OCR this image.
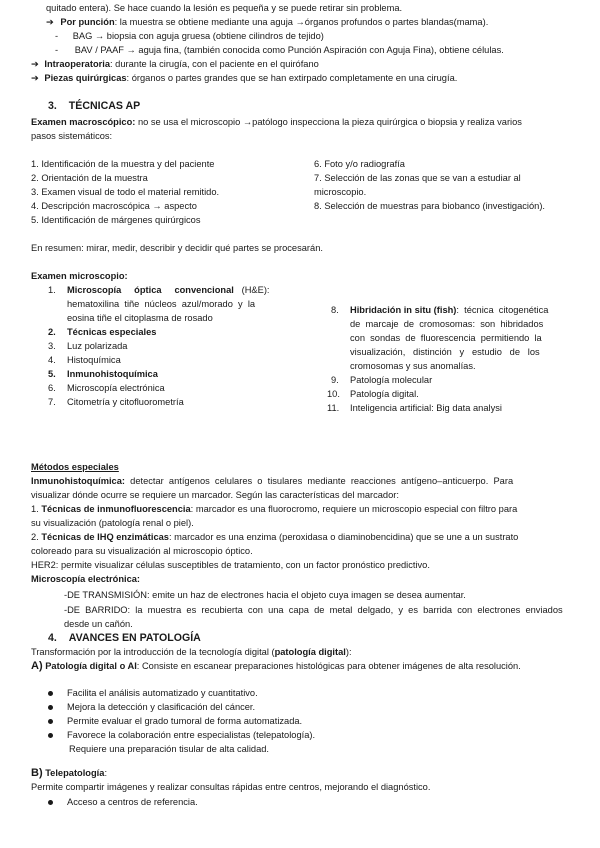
quitado entera). Se hace cuando la lesión es pequeña y se puede retirar sin problema.
➔ Por punción: la muestra se obtiene mediante una aguja →órganos profundos o partes blandas(mama).
- BAG → biopsia con aguja gruesa (obtiene cilindros de tejido)
- BAV / PAAF → aguja fina, (también conocida como Punción Aspiración con Aguja Fina), obtiene células.
➔ Intraoperatoria: durante la cirugía, con el paciente en el quirófano
➔ Piezas quirúrgicas: órganos o partes grandes que se han extirpado completamente en una cirugía.
3. TÉCNICAS AP
Examen macroscópico: no se usa el microscopio →patólogo inspecciona la pieza quirúrgica o biopsia y realiza varios
pasos sistemáticos:
1. Identificación de la muestra y del paciente
2. Orientación de la muestra
3. Examen visual de todo el material remitido.
4. Descripción macroscópica → aspecto
5. Identificación de márgenes quirúrgicos
6. Foto y/o radiografía
7. Selección de las zonas que se van a estudiar al
microscopio.
8. Selección de muestras para biobanco (investigación).
En resumen: mirar, medir, describir y decidir qué partes se procesarán.
Examen microscopio:
1. Microscopía     óptica     convencional   (H&E):
hematoxilina  tiñe  núcleos  azul/morado  y  la
eosina tiñe el citoplasma de rosado
2. Técnicas especiales
3. Luz polarizada
4. Histoquímica
5. Inmunohistoquímica
6. Microscopía electrónica
7. Citometría y citofluorometría
8. Hibridación in situ (fish):  técnica  citogenética
de  marcaje  de  cromosomas:  son  hibridados
con  sondas  de  fluorescencia  permitiendo  la
visualización,   distinción   y   estudio   de   los
cromosomas y sus anomalías.
9. Patología molecular
10. Patología digital.
11. Inteligencia artificial: Big data analysi
Métodos especiales
Inmunohistoquímica:  detectar  antígenos  celulares  o  tisulares  mediante  reacciones  antígeno–anticuerpo.  Para
visualizar dónde ocurre se requiere un marcador. Según las características del marcador:
1. Técnicas de inmunofluorescencia: marcador es una fluorocromo, requiere un microscopio especial con filtro para
su visualización (patología renal o piel).
2. Técnicas de IHQ enzimáticas: marcador es una enzima (peroxidasa o diaminobencidina) que se une a un sustrato
coloreado para su visualización al microscopio óptico.
HER2: permite visualizar células susceptibles de tratamiento, con un factor pronóstico predictivo.
Microscopía electrónica:
-DE TRANSMISIÓN: emite un haz de electrones hacia el objeto cuya imagen se desea aumentar.
-DE  BARRIDO:  la  muestra  es  recubierta  con  una  capa  de  metal  delgado,  y  es  barrida  con  electrones  enviados
desde un cañón.
4. AVANCES EN PATOLOGÍA
Transformación por la introducción de la tecnología digital (patología digital):
A) Patología digital o AI: Consiste en escanear preparaciones histológicas para obtener imágenes de alta resolución.
Facilita el análisis automatizado y cuantitativo.
Mejora la detección y clasificación del cáncer.
Permite evaluar el grado tumoral de forma automatizada.
Favorece la colaboración entre especialistas (telepatología).
Requiere una preparación tisular de alta calidad.
B) Telepatología:
Permite compartir imágenes y realizar consultas rápidas entre centros, mejorando el diagnóstico.
Acceso a centros de referencia.
